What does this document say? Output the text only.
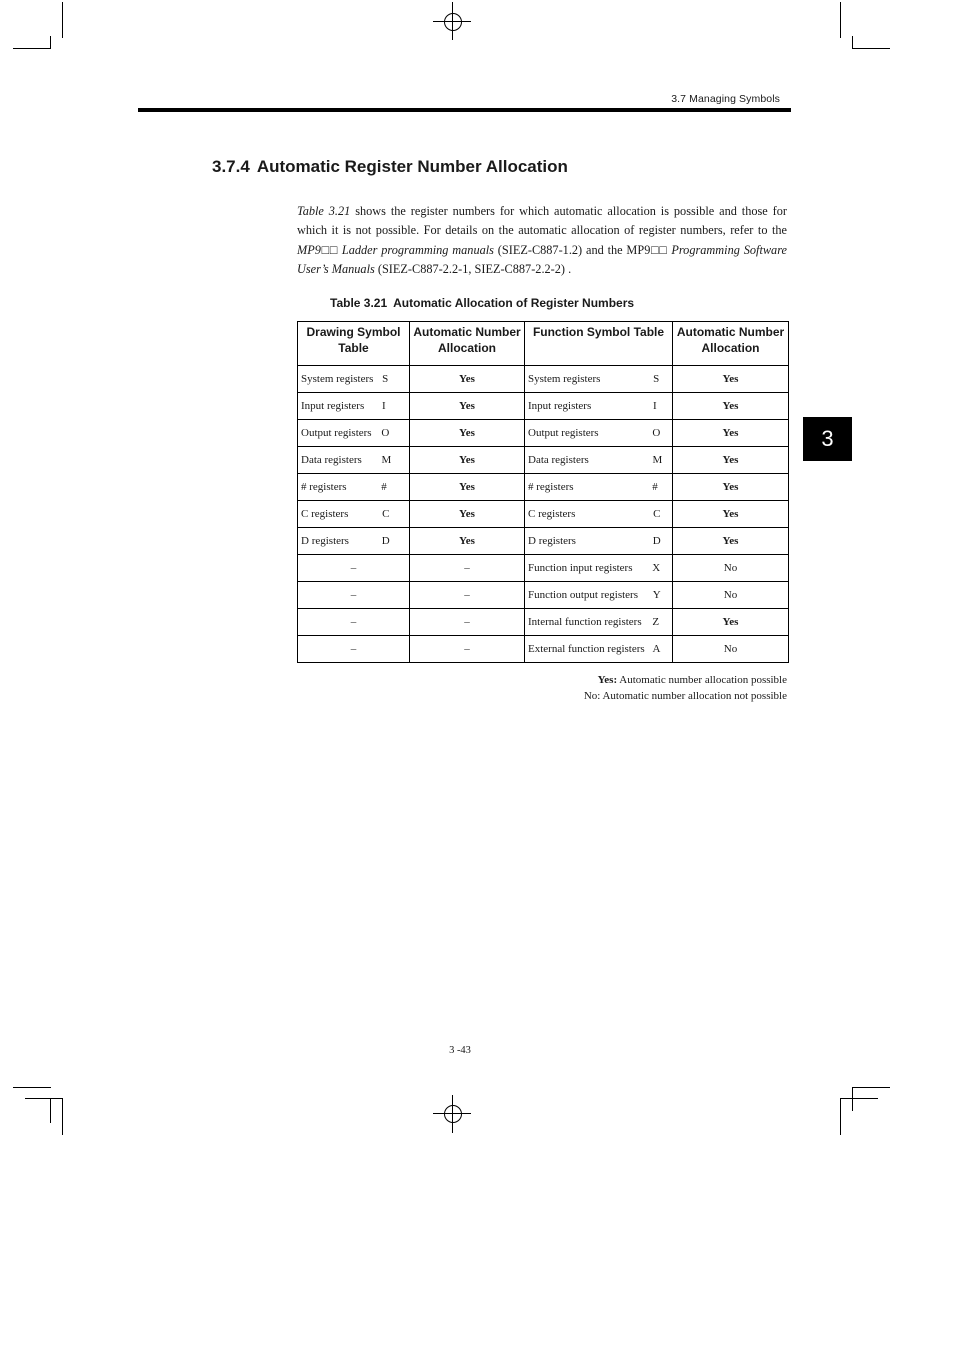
3.7 Managing Symbols
3.7.4 Automatic Register Number Allocation

Table 3.21 shows the register numbers for which automatic allocation is possible and those for which it is not possible. For details on the automatic allocation of register numbers, refer to the MP9□□ Ladder programming manuals (SIEZ-C887-1.2) and the MP9□□ Programming Software User’s Manuals (SIEZ-C887-2.2-1, SIEZ-C887-2.2-2) .

Table 3.21 Automatic Allocation of Register Numbers
Drawing Symbol Table	Automatic Number Allocation	Function Symbol Table	Automatic Number Allocation
System registers S	Yes	System registers S	Yes
Input registers I	Yes	Input registers I	Yes
Output registers O	Yes	Output registers O	Yes
Data registers M	Yes	Data registers M	Yes
# registers #	Yes	# registers #	Yes
C registers C	Yes	C registers C	Yes
D registers D	Yes	D registers D	Yes
–	–	Function input registers X	No
–	–	Function output registers Y	No
–	–	Internal function registers Z	Yes
–	–	External function registers A	No
Yes: Automatic number allocation possible
No: Automatic number allocation not possible
3
3 -43
